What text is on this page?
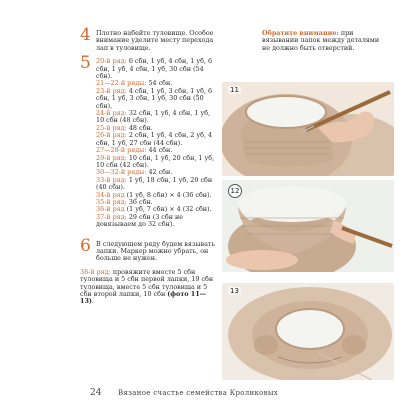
4 Плотно набейте туловище. Особое внимание уделите месту перехода лап в туловище.
5 20-й ряд: 6 сбн, 1 уб, 4 сбн, 1 уб, 6 сбн, 1 уб, 4 сбн, 1 уб, 30 сбн (54 сбн).
21—22-й ряды: 54 сбн.
23-й ряд: 4 сбн, 1 уб, 3 сбн, 1 уб, 6 сбн, 1 уб, 3 сбн, 1 уб, 30 сбн (50 сбн).
24-й ряд: 32 сбн, 1 уб, 4 сбн, 1 уб, 10 сбн (48 сбн).
25-й ряд: 48 сбн.
26-й ряд: 2 сбн, 1 уб, 4 сбн, 2 уб, 4 сбн, 1 уб, 27 сбн (44 сбн).
27—28-й ряды: 44 сбн.
29-й ряд: 10 сбн, 1 уб, 20 сбн, 1 уб, 10 сбн (42 сбн).
30—32-й ряды: 42 сбн.
33-й ряд: 1 уб, 18 сбн, 1 уб, 20 сбн (40 сбн).
34-й ряд (1 уб, 8 сбн) × 4 (36 сбн).
35-й ряд: 36 сбн.
36-й ряд (1 уб, 7 сбн) × 4 (32 сбн).
37-й ряд: 29 сбн (3 сбн не довязываем до 32 сбн).
6 В следующем ряду будем вязывать лапки. Маркер можно убрать, он больше не нужен.
38-й ряд: провяжите вместе 5 сбн туловища и 5 сбн первой лапки, 19 сбн туловища, вместе 5 сбн туловища и 5 сбн второй лапки, 10 сбн (фото 11—13).
Обратите внимание: при вязывании лапок между деталями не должно быть отверстий.
11
12
13
24 Вязаное счастье семейства Кроликовых
